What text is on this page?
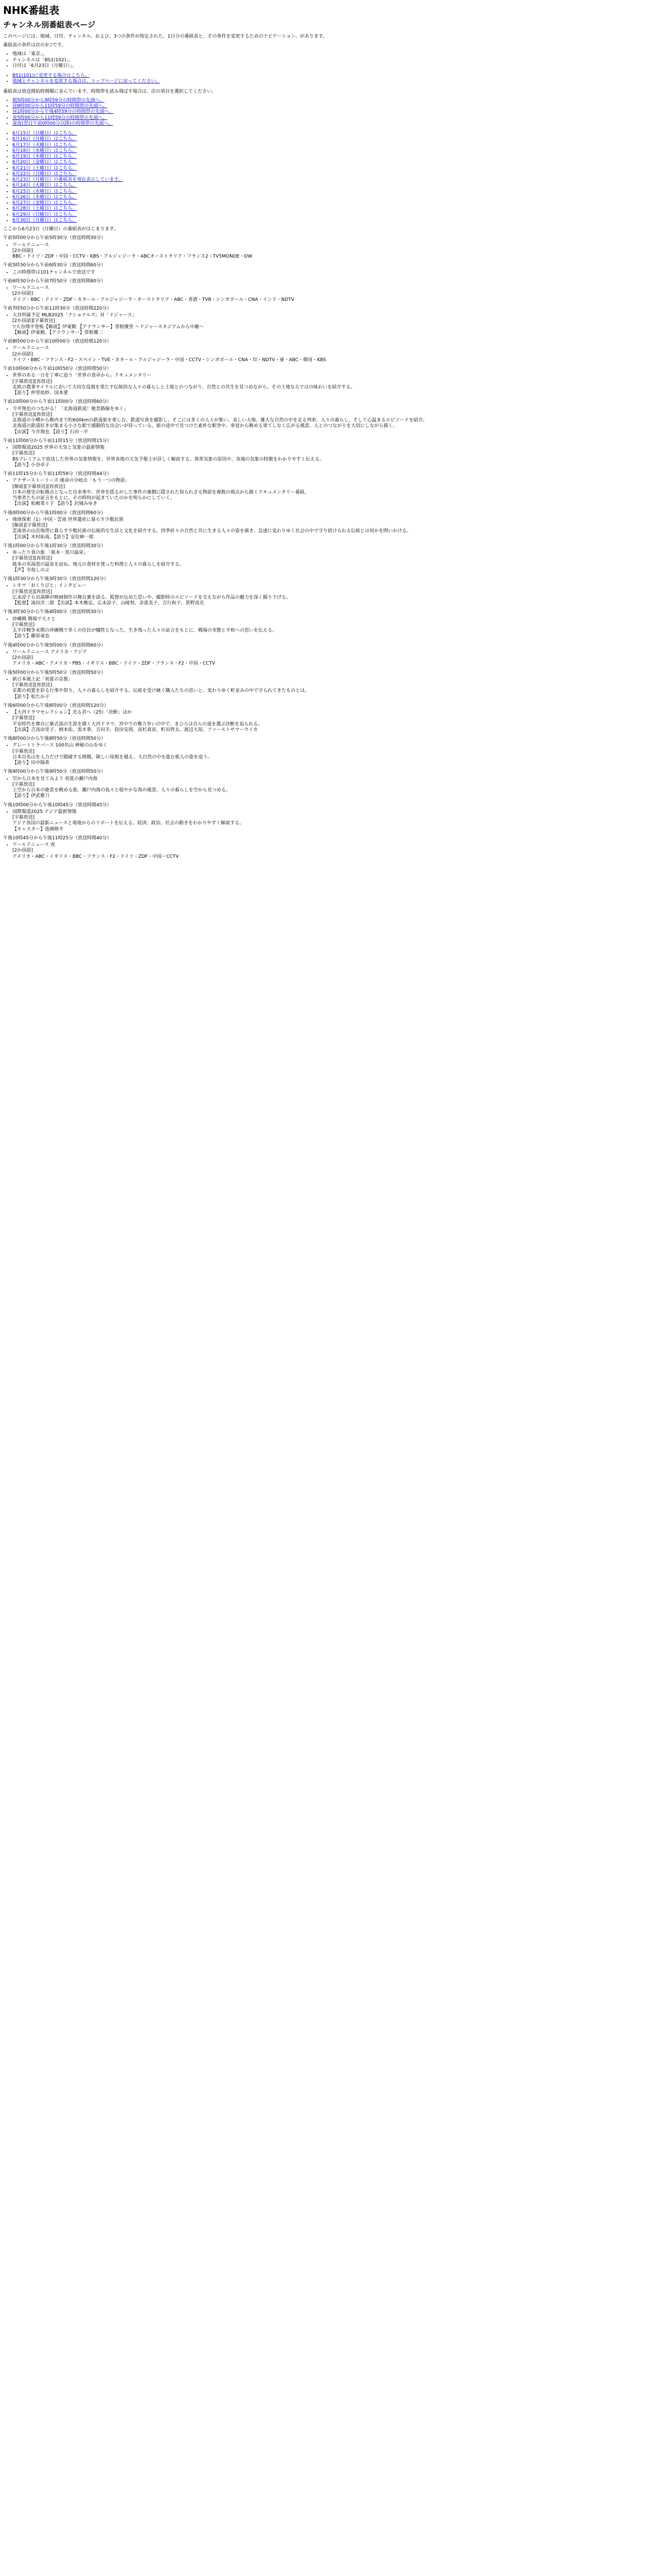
NHK番組表
チャンネル別番組表ページ

このページには、地域、日付、チャンネル、および、3つの条件が指定された、1日分の番組表と、その条件を変更するためのナビゲーション、があります。

番組表の条件は次の3つです。

• 地域は「東京」。
• チャンネルは「BS1(102)」。
• 日付は「6月23日（月曜日）」。
• BS1(101)に変更する場合はこちら。
• 地域とチャンネルを変更する場合は、トップページに戻ってください。

番組表は放送開始時間順に並んでいます。時間帯を読み飛ばす場合は、次の項目を選択してください。

• 朝5時00分から9時59分の時間帯の先頭へ。
• 昼9時00分から11時59分の時間帯の先頭へ。
• 昼1時00分から午後4時59分の時間帯の先頭へ。
• 夜5時00分から11時59分の時間帯の先頭へ。
• 深夜(翌日午前0時00分以降)の時間帯の先頭へ。
• 6月15日（日曜日）はこちら。
• 6月16日（月曜日）はこちら。
• 6月17日（火曜日）はこちら。
• 6月18日（水曜日）はこちら。
• 6月19日（木曜日）はこちら。
• 6月20日（金曜日）はこちら。
• 6月21日（土曜日）はこちら。
• 6月22日（日曜日）はこちら。
• 6月23日（月曜日）の番組表を現在表示しています。
• 6月24日（火曜日）はこちら。
• 6月25日（水曜日）はこちら。
• 6月26日（木曜日）はこちら。
• 6月27日（金曜日）はこちら。
• 6月28日（土曜日）はこちら。
• 6月29日（日曜日）はこちら。
• 6月30日（月曜日）はこちら。

ここから6月23日（月曜日）の番組表がはじまります。

午前5時00分から午前5時30分（放送時間30分）

• ワールドニュース
[2か国語]
BBC・ドイツ・ZDF・中国・CCTV・KBS・アルジャジーラ・ABCオーストラリア・フランス2・TV5MONDE・DW

午前5時30分から午前6時30分（放送時間60分）

• この時間帯は101チャンネルで放送です

午前6時30分から午前7時50分（放送時間80分）

• ワールドニュース
[2か国語]
ドイツ・BBC・ドイツ・ZDF・カタール・アルジャジーラ・オーストラリア・ABC・香港・TVB・シンガポール・CNA・インド・NDTV

午前7時50分から午前11時30分（放送時間220分）

• 大谷所属予定 MLB2025「ナショナルズ」対「ドジャース」
[2か国語][字幕放送]
▽大谷翔平登板【解説】伊東勤 【アナウンサー】曽根優里 〜ドジャースタジアムから中継〜
【解説】伊東勤、【アナウンサー】曽根優二

午前8時00分から午前10時00分（放送時間120分）

• ワールドニュース
[2か国語]
ドイツ・BBC・フランス・F2・スペイン・TVE・カタール・アルジャジーラ・中国・CCTV・シンガポール・CNA・印・NDTV・豪・ABC・韓国・KBS

午前10時00分から午前10時50分（放送時間50分）

• 世界のある一日を丁寧に追う「世界の食卓から」ドキュメンタリー
[字幕放送][再放送]
北欧の農業サイクルにおいて大切な役割を果たす伝統的な人々の暮らしと土地とのつながり、自然との共生を見つめながら、その土地ならではの味わいを紹介する。
【語り】仲里依紗、国本愛

午前10時00分から午前11時00分（放送時間60分）

• 今井翔也のつながる！「北海道鉄道！絶景路線をゆく」
[字幕放送][再放送]
北海道の小樽から稚内まで約600kmの鉄道旅を楽しむ。鉄道写真を撮影し、そこには多くの人々が集い、美しい大地、雄大な自然の中を走る列車、人々の暮らし、そして心温まるエピソードを紹介。
北海道の鉄道好きが集まる小さな駅で感動的な出会いが待っている。旅の途中で見つけた素朴な駅舎や、車窓から眺める果てしなく広がる風景、人とのつながりを大切にしながら描く。
【出演】今井翔也 【語り】石田一平

午前11時00分から午前11時15分（放送時間15分）

• 国際報道2025 世界の天気と気象の最新情報
[字幕放送]
BSプレミアムで放送した世界の気象情報を、世界各地の天気予報士が詳しく解説する。異常気象の原因や、各地の気象の特徴をわかりやすく伝える。
【語り】小谷卓子

午前11時15分から午前11時59分（放送時間44分）

• アナザーストーリーズ 運命の分岐点「もう一つの物語」
[解説][字幕放送][再放送]
日本の歴史の転換点となった出来事や、世界を揺るがした事件の裏側に隠された知られざる物語を複数の視点から描くドキュメンタリー番組。
当事者たちの証言をもとに、その時何が起きていたのかを明らかにしていく。
【出演】松嶋菜々子 【語り】沢城みゆき

午後0時00分から午後1時00分（放送時間60分）

• 地球探索（1）中国・雲南 世界遺産に暮らす少数民族
[解説][字幕放送]
雲南省の山岳地帯に暮らす少数民族の伝統的な生活と文化を紹介する。四季折々の自然と共に生きる人々の姿を描き、急速に変わりゆく社会の中で守り続けられる伝統とは何かを問いかける。
【出演】木村拓哉、【語り】安住紳一郎

午後1時00分から午後1時30分（放送時間30分）

• ゆったり食の旅 「熊本・黒川温泉」
[字幕放送][再放送]
熊本の名湯黒川温泉を訪ね、地元の食材を使った料理と人々の暮らしを紹介する。
【声】寺島しのぶ

午後1時30分から午後3時30分（放送時間120分）

• シネマ「おくりびと」インタビュー
[字幕放送][再放送]
広末涼子ら出演陣が映画制作の舞台裏を語る。監督が込めた思いや、撮影時のエピソードを交えながら作品の魅力を深く掘り下げる。
【監督】滝田洋二郎 【出演】本木雅弘、広末涼子、山﨑努、余貴美子、吉行和子、笹野高史

午後3時30分から午後4時00分（放送時間30分）

• 沖縄戦 戦場で大々と
[字幕放送]
太平洋戦争末期の沖縄戦で多くの住民が犠牲となった。生き残った人々の証言をもとに、戦場の実態と平和への思いを伝える。
【語り】藤原竜也

午後4時00分から午後5時00分（放送時間60分）

• ワールドニュース アメリカ・アジア
[2か国語]
アメリカ・ABC・アメリカ・PBS・イギリス・BBC・ドイツ・ZDF・フランス・F2・中国・CCTV

午後5時00分から午後5時50分（放送時間50分）

• 新日本風土記「初夏の京都」
[字幕放送][再放送]
京都の初夏を彩る行事や祭り、人々の暮らしを紹介する。伝統を受け継ぐ職人たちの思いと、変わりゆく町並みの中で守られてきたものとは。
【語り】松たか子

午後6時00分から午後8時00分（放送時間120分）

• 【大河ドラマセレクション】光る君へ（25）「決断」ほか
[字幕放送]
平安時代を舞台に紫式部の生涯を描く大河ドラマ。宮中での権力争いの中で、まひろは自らの道を選ぶ決断を迫られる。
【出演】吉高由里子、柄本佑、黒木華、吉田羊、段田安則、高杉真宙、町田啓太、渡辺大知、ファーストサマーウイカ

午後8時00分から午後8時50分（放送時間50分）

• グレートトラバース 100名山 神秘の山をゆく
[字幕放送]
日本百名山を人力だけで踏破する挑戦。険しい尾根を越え、大自然の中を進む旅人の姿を追う。
【語り】田中陽希

午後9時00分から午後9時50分（放送時間50分）

• 空から日本を見てみよう 初夏の瀬戸内海
[字幕放送]
上空から日本の絶景を眺める旅。瀬戸内海の島々と穏やかな海の風景、人々の暮らしを空から見つめる。
【語り】伊武雅刀

午後10時00分から午後10時45分（放送時間45分）

• 国際報道2025 アジア最新情報
[字幕放送]
アジア各国の最新ニュースと現地からのリポートを伝える。経済、政治、社会の動きをわかりやすく解説する。
【キャスター】池畑修平

午後10時45分から午後11時25分（放送時間40分）

• ワールドニュース 夜
[2か国語]
アメリカ・ABC・イギリス・BBC・フランス・F2・ドイツ・ZDF・中国・CCTV
